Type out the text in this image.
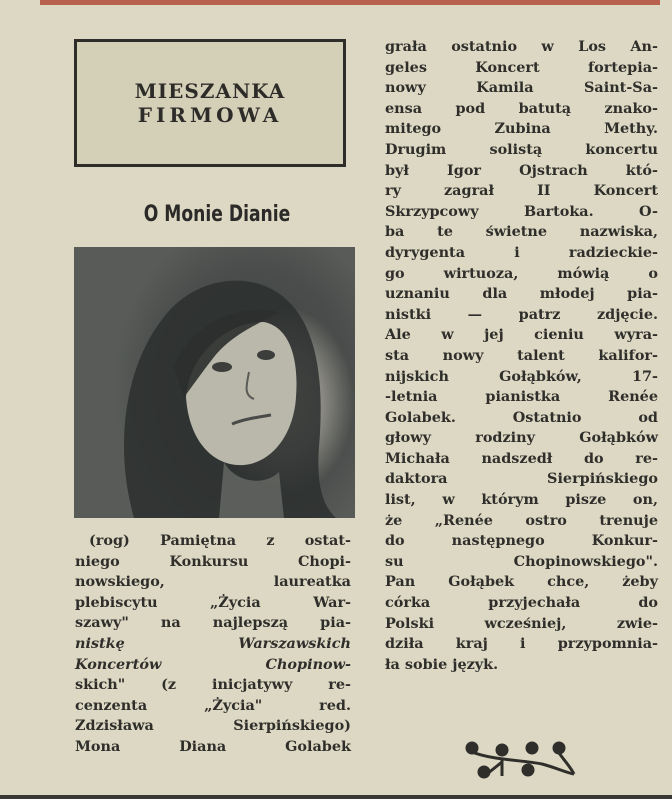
MIESZANKA
FIRMOWA
O Monie Dianie
(rog) Pamiętna z ostat-
niego Konkursu Chopi-
nowskiego, laureatka
plebiscytu „Życia War-
szawy" na najlepszą pia-
nistkę Warszawskich
Koncertów Chopinow-
skich" (z inicjatywy re-
cenzenta „Życia" red.
Zdzisława Sierpińskiego)
Mona Diana Golabek
grała ostatnio w Los An-
geles Koncert fortepia-
nowy Kamila Saint-Sa-
ensa pod batutą znako-
mitego Zubina Methy.
Drugim solistą koncertu
był Igor Ojstrach któ-
ry zagrał II Koncert
Skrzypcowy Bartoka. O-
ba te świetne nazwiska,
dyrygenta i radzieckie-
go wirtuoza, mówią o
uznaniu dla młodej pia-
nistki — patrz zdjęcie.
Ale w jej cieniu wyra-
sta nowy talent kalifor-
nijskich Gołąbków, 17-
-letnia pianistka Renée
Golabek. Ostatnio od
głowy rodziny Gołąbków
Michała nadszedł do re-
daktora Sierpińskiego
list, w którym pisze on,
że „Renée ostro trenuje
do następnego Konkur-
su Chopinowskiego".
Pan Gołąbek chce, żeby
córka przyjechała do
Polski wcześniej, zwie-
dziła kraj i przypomnia-
ła sobie język.
